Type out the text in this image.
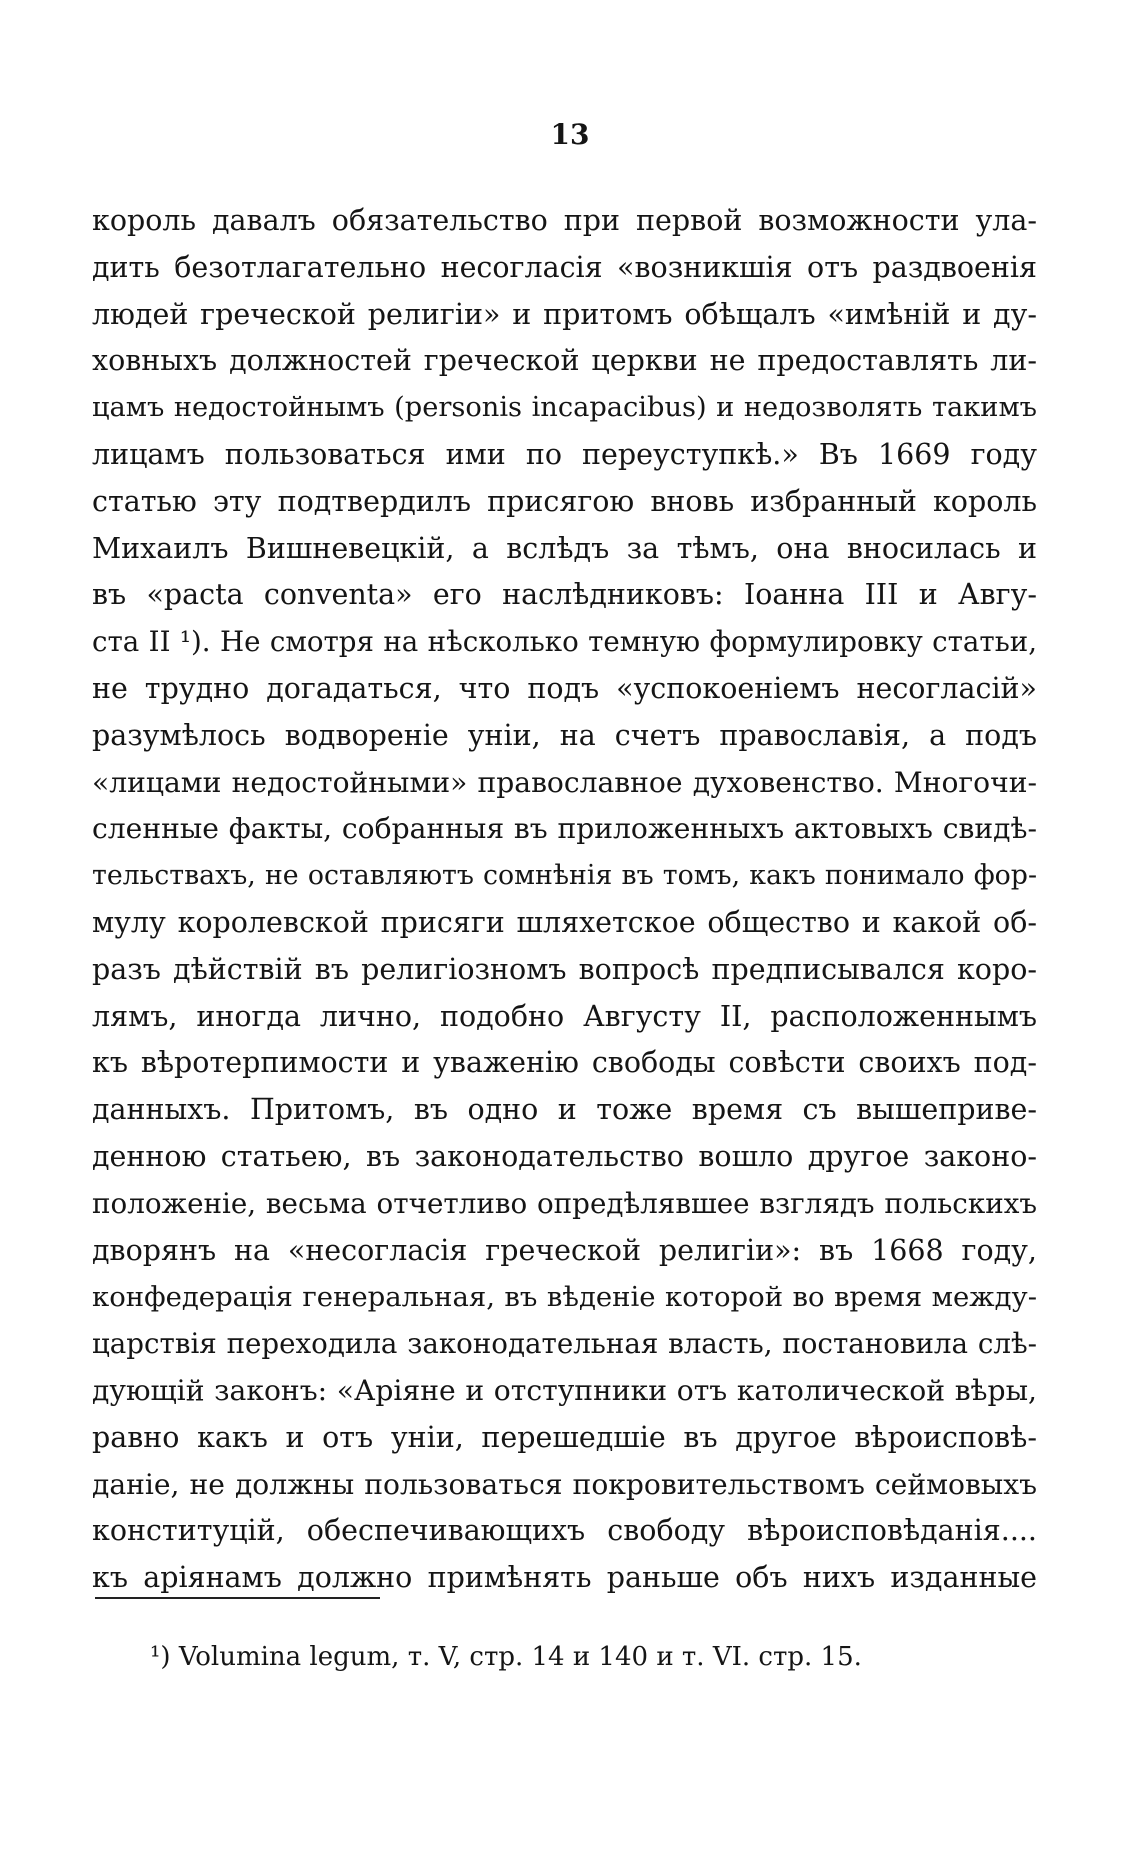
13
король давалъ обязательство при первой возможности ула-
дить безотлагательно несогласія «возникшія отъ раздвоенія
людей греческой религіи» и притомъ обѣщалъ «имѣній и ду-
ховныхъ должностей греческой церкви не предоставлять ли-
цамъ недостойнымъ (personis incapacibus) и недозволять такимъ
лицамъ пользоваться ими по переуступкѣ.» Въ 1669 году
статью эту подтвердилъ присягою вновь избранный король
Михаилъ Вишневецкій, а вслѣдъ за тѣмъ, она вносилась и
въ «pacta conventa» его наслѣдниковъ: Іоанна III и Авгу-
ста II ¹). Не смотря на нѣсколько темную формулировку статьи,
не трудно догадаться, что подъ «успокоеніемъ несогласій»
разумѣлось водвореніе уніи, на счетъ православія, а подъ
«лицами недостойными» православное духовенство. Многочи-
сленные факты, собранныя въ приложенныхъ актовыхъ свидѣ-
тельствахъ, не оставляютъ сомнѣнія въ томъ, какъ понимало фор-
мулу королевской присяги шляхетское общество и какой об-
разъ дѣйствій въ религіозномъ вопросѣ предписывался коро-
лямъ, иногда лично, подобно Августу II, расположеннымъ
къ вѣротерпимости и уваженію свободы совѣсти своихъ под-
данныхъ. Притомъ, въ одно и тоже время съ вышеприве-
денною статьею, въ законодательство вошло другое законо-
положеніе, весьма отчетливо опредѣлявшее взглядъ польскихъ
дворянъ на «несогласія греческой религіи»: въ 1668 году,
конфедерація генеральная, въ вѣденіе которой во время между-
царствія переходила законодательная власть, постановила слѣ-
дующій законъ: «Аріяне и отступники отъ католической вѣры,
равно какъ и отъ уніи, перешедшіе въ другое вѣроисповѣ-
даніе, не должны пользоваться покровительствомъ сеймовыхъ
конституцій, обеспечивающихъ свободу вѣроисповѣданія....
къ аріянамъ должно примѣнять раньше объ нихъ изданные
¹) Volumina legum, т. V, стр. 14 и 140 и т. VI. стр. 15.
